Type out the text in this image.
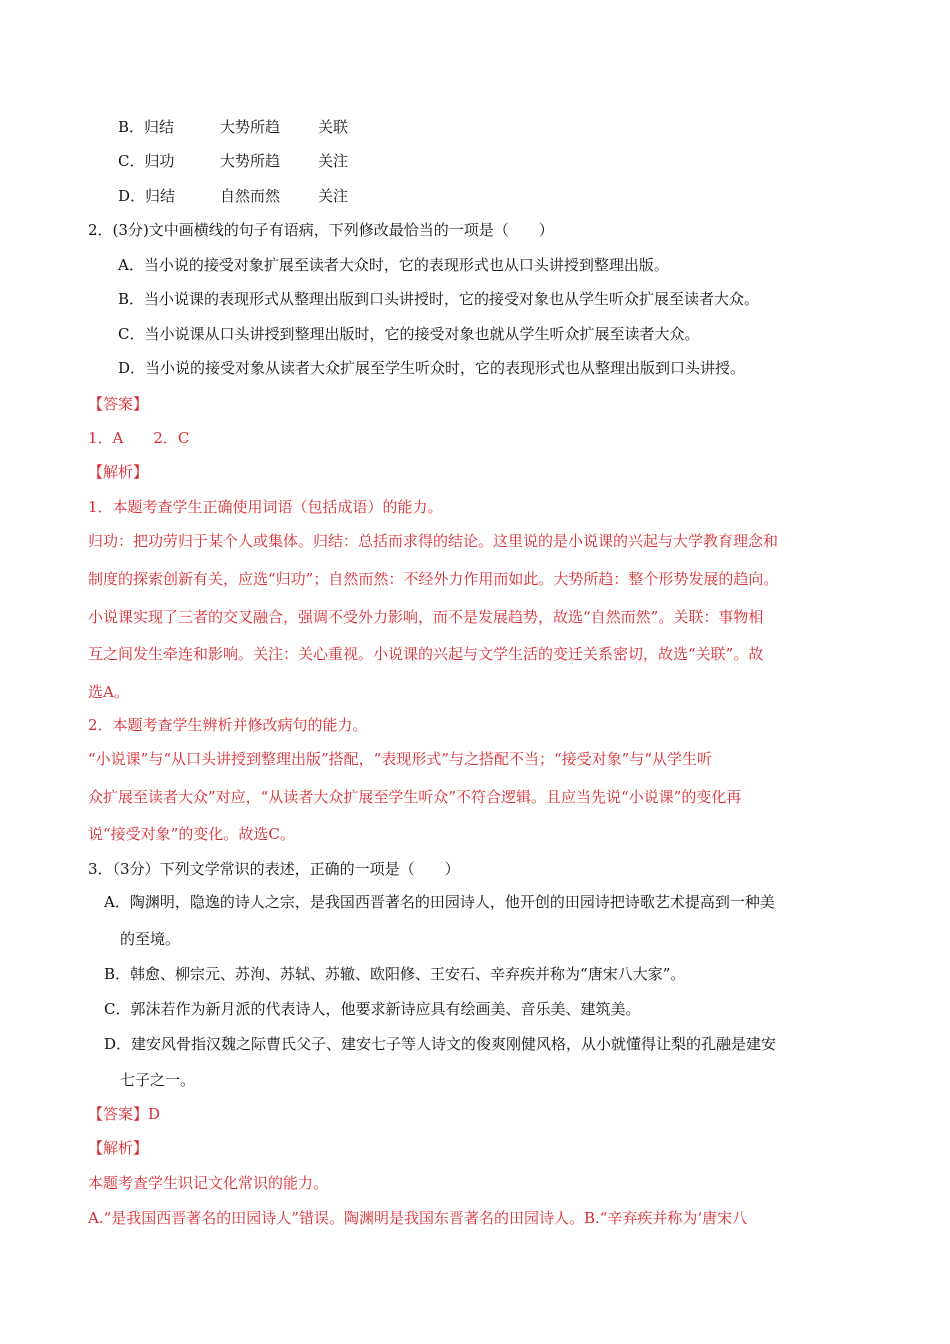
B．归结	大势所趋	关联
C．归功	大势所趋	关注
D．归结	自然而然	关注
2．(3分)文中画横线的句子有语病，下列修改最恰当的一项是（　　）
A．当小说的接受对象扩展至读者大众时，它的表现形式也从口头讲授到整理出版。
B．当小说课的表现形式从整理出版到口头讲授时，它的接受对象也从学生听众扩展至读者大众。
C．当小说课从口头讲授到整理出版时，它的接受对象也就从学生听众扩展至读者大众。
D．当小说的接受对象从读者大众扩展至学生听众时，它的表现形式也从整理出版到口头讲授。
【答案】
1．A　　2．C
【解析】
1．本题考查学生正确使用词语（包括成语）的能力。
归功：把功劳归于某个人或集体。归结：总括而求得的结论。这里说的是小说课的兴起与大学教育理念和
制度的探索创新有关，应选“归功”；自然而然：不经外力作用而如此。大势所趋：整个形势发展的趋向。
小说课实现了三者的交叉融合，强调不受外力影响，而不是发展趋势，故选“自然而然”。关联：事物相
互之间发生牵连和影响。关注：关心重视。小说课的兴起与文学生活的变迁关系密切，故选“关联”。故
选A。
2．本题考查学生辨析并修改病句的能力。
“小说课”与“从口头讲授到整理出版”搭配，“表现形式”与之搭配不当；“接受对象”与“从学生听
众扩展至读者大众”对应，“从读者大众扩展至学生听众”不符合逻辑。且应当先说“小说课”的变化再
说“接受对象”的变化。故选C。
3．（3分）下列文学常识的表述，正确的一项是（　　）
A．陶渊明，隐逸的诗人之宗，是我国西晋著名的田园诗人，他开创的田园诗把诗歌艺术提高到一种美
的至境。
B．韩愈、柳宗元、苏洵、苏轼、苏辙、欧阳修、王安石、辛弃疾并称为“唐宋八大家”。
C．郭沫若作为新月派的代表诗人，他要求新诗应具有绘画美、音乐美、建筑美。
D．建安风骨指汉魏之际曹氏父子、建安七子等人诗文的俊爽刚健风格，从小就懂得让梨的孔融是建安
七子之一。
【答案】D
【解析】
本题考查学生识记文化常识的能力。
A.“是我国西晋著名的田园诗人”错误。陶渊明是我国东晋著名的田园诗人。B.“辛弃疾并称为‘唐宋八
